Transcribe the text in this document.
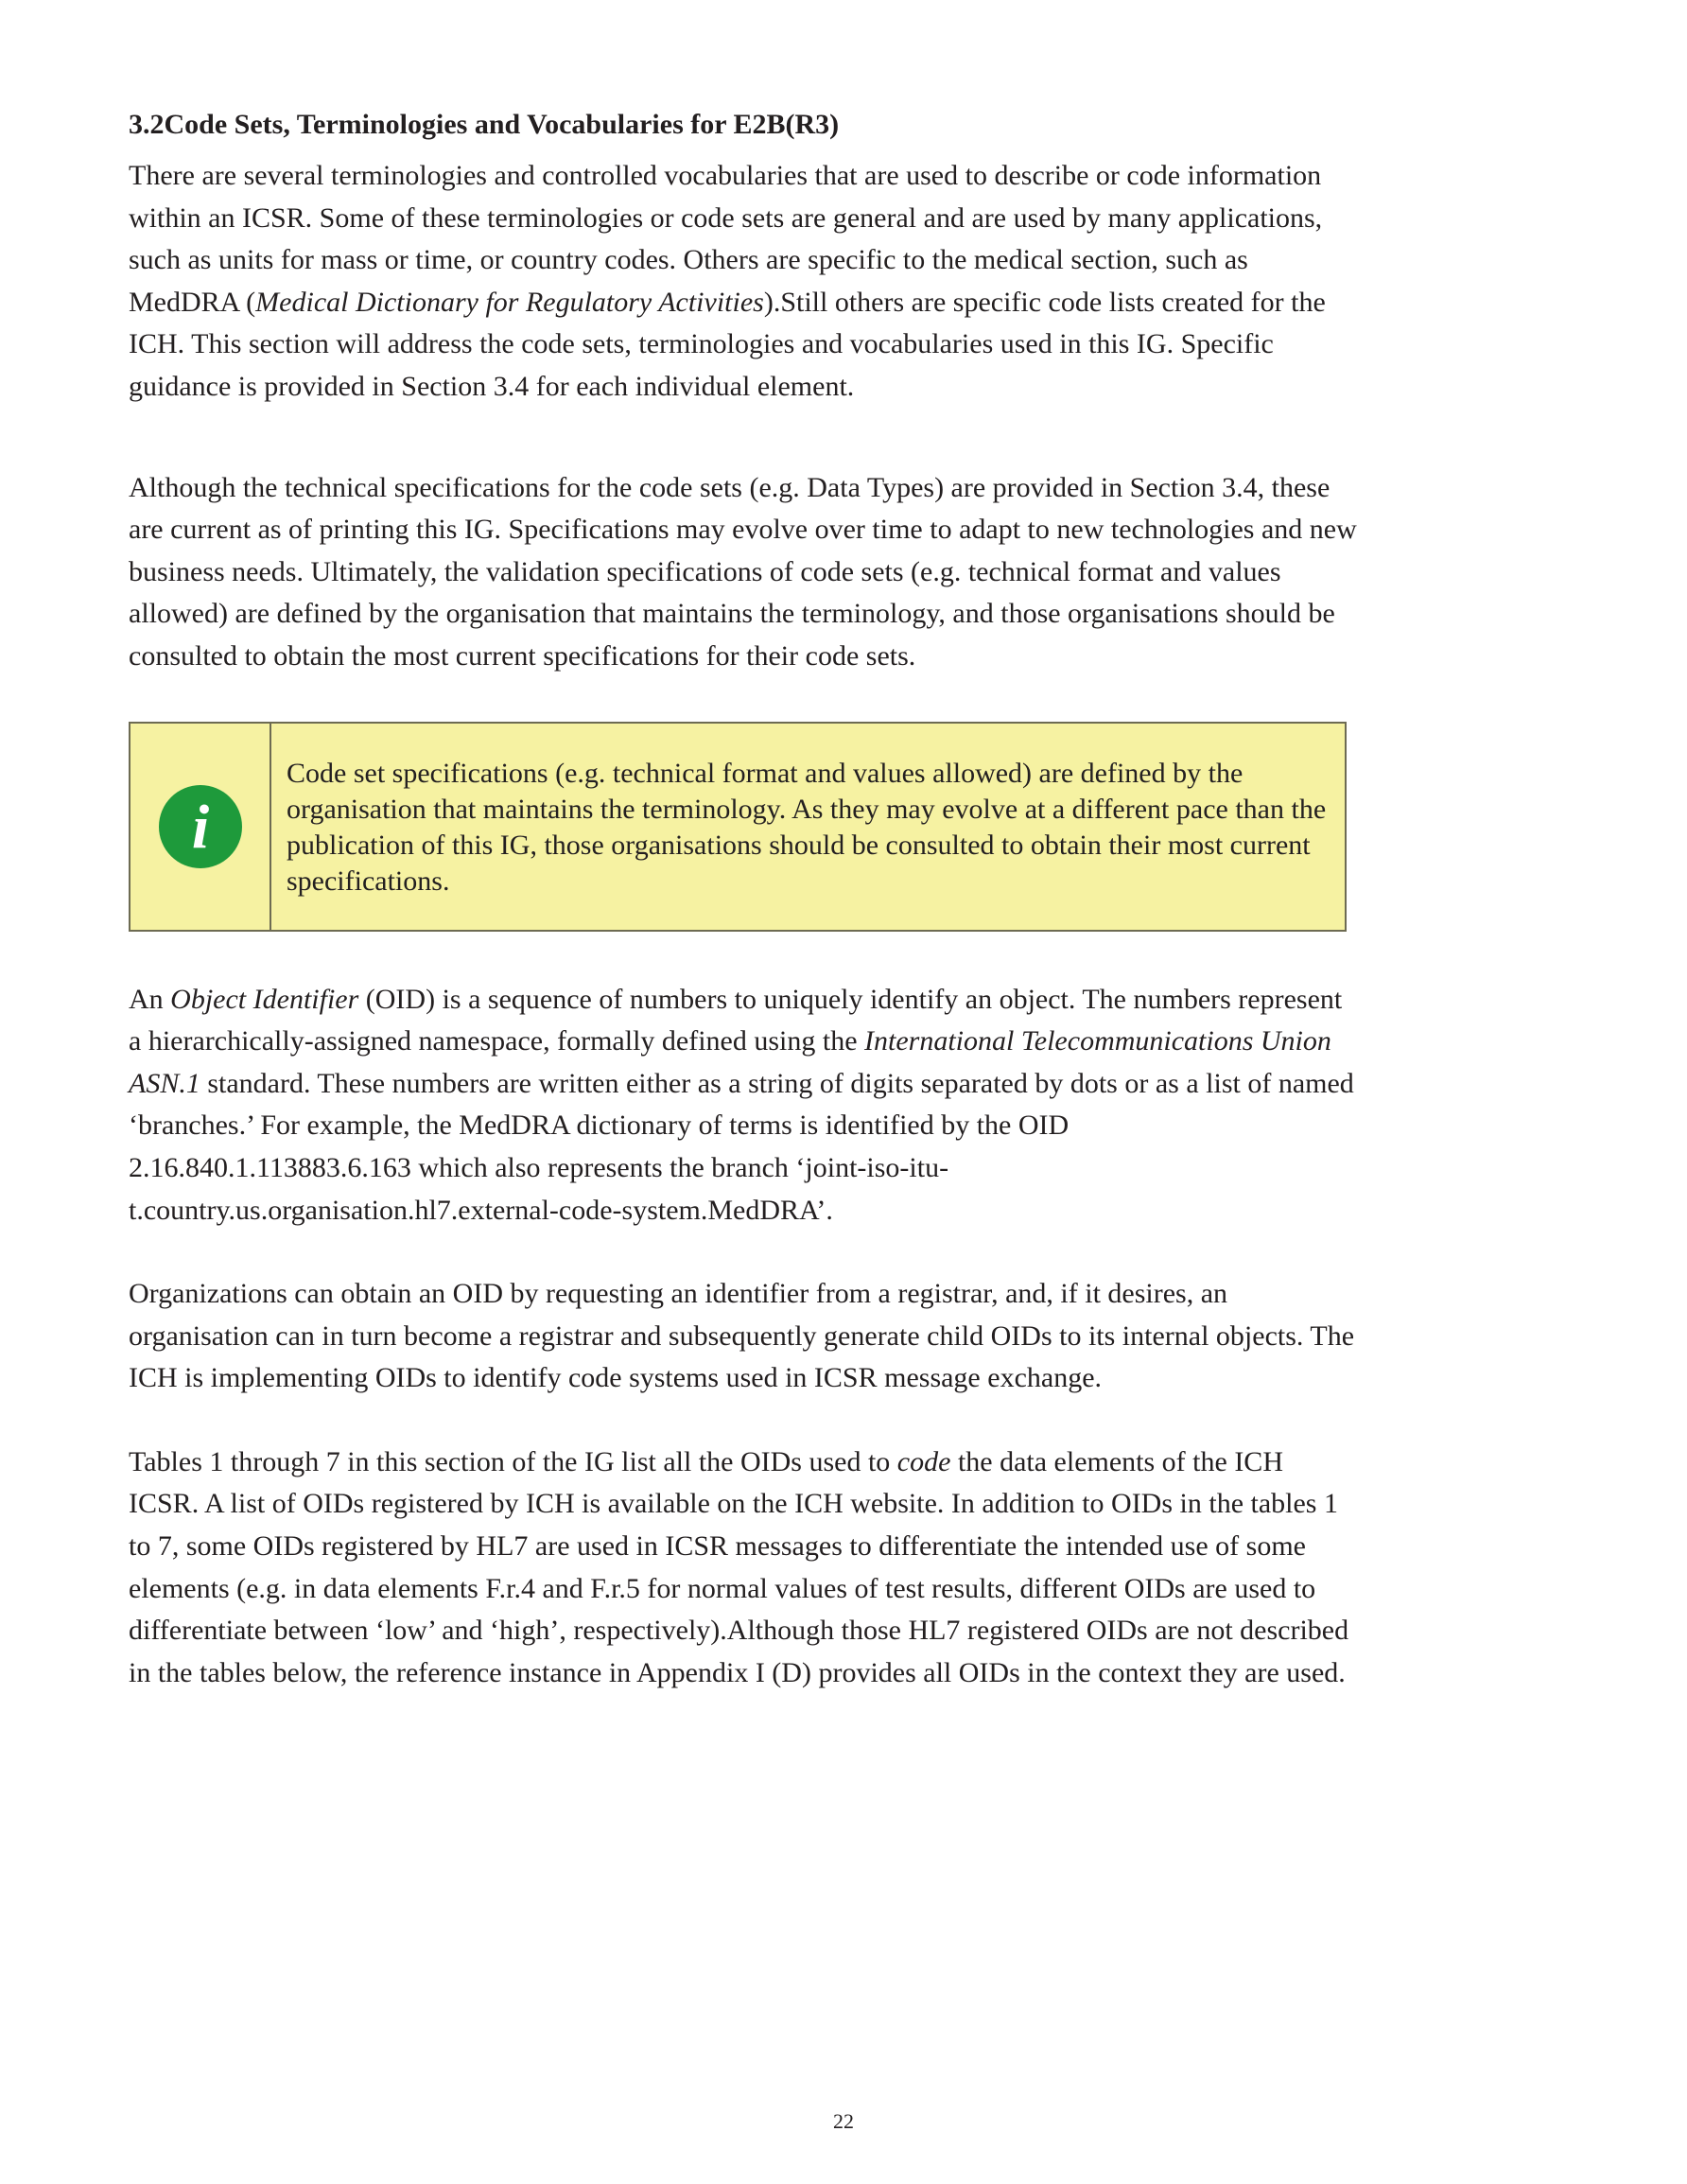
3.2Code Sets, Terminologies and Vocabularies for E2B(R3)

There are several terminologies and controlled vocabularies that are used to describe or code information within an ICSR. Some of these terminologies or code sets are general and are used by many applications, such as units for mass or time, or country codes. Others are specific to the medical section, such as MedDRA (Medical Dictionary for Regulatory Activities).Still others are specific code lists created for the ICH. This section will address the code sets, terminologies and vocabularies used in this IG. Specific guidance is provided in Section 3.4 for each individual element.

Although the technical specifications for the code sets (e.g. Data Types) are provided in Section 3.4, these are current as of printing this IG. Specifications may evolve over time to adapt to new technologies and new business needs. Ultimately, the validation specifications of code sets (e.g. technical format and values allowed) are defined by the organisation that maintains the terminology, and those organisations should be consulted to obtain the most current specifications for their code sets.

i
Code set specifications (e.g. technical format and values allowed) are defined by the organisation that maintains the terminology. As they may evolve at a different pace than the publication of this IG, those organisations should be consulted to obtain their most current specifications.

An Object Identifier (OID) is a sequence of numbers to uniquely identify an object. The numbers represent a hierarchically-assigned namespace, formally defined using the International Telecommunications Union ASN.1 standard. These numbers are written either as a string of digits separated by dots or as a list of named ‘branches.’ For example, the MedDRA dictionary of terms is identified by the OID 2.16.840.1.113883.6.163 which also represents the branch ‘joint-iso-itu-t.country.us.organisation.hl7.external-code-system.MedDRA’.

Organizations can obtain an OID by requesting an identifier from a registrar, and, if it desires, an organisation can in turn become a registrar and subsequently generate child OIDs to its internal objects. The ICH is implementing OIDs to identify code systems used in ICSR message exchange.

Tables 1 through 7 in this section of the IG list all the OIDs used to code the data elements of the ICH ICSR. A list of OIDs registered by ICH is available on the ICH website. In addition to OIDs in the tables 1 to 7, some OIDs registered by HL7 are used in ICSR messages to differentiate the intended use of some elements (e.g. in data elements F.r.4 and F.r.5 for normal values of test results, different OIDs are used to differentiate between ‘low’ and ‘high’, respectively).Although those HL7 registered OIDs are not described in the tables below, the reference instance in Appendix I (D) provides all OIDs in the context they are used.

22
